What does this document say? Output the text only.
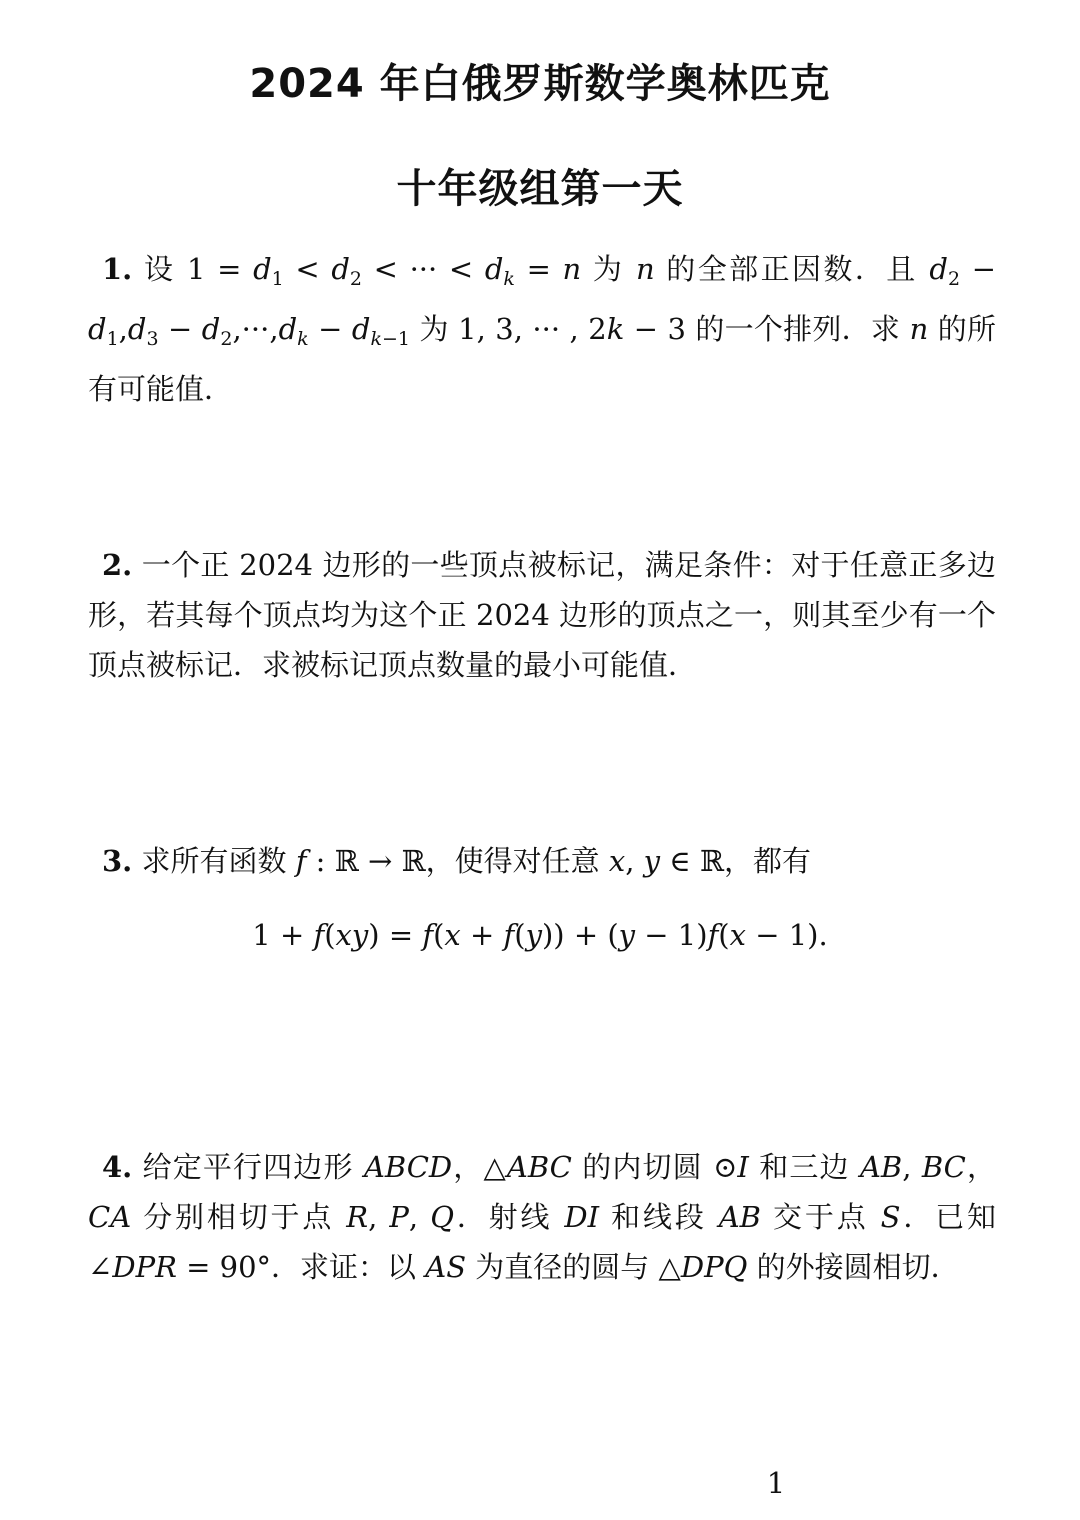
2024 年白俄罗斯数学奥林匹克
十年级组第一天

1. 设 $1 = d_1 < d_2$ < ··· < $d_k = n$ 为 n 的全部正因数．且 $d_2 - d_1,d_3 - d_2,\cdot\cdot\cdot,d_k - d_{k-1}$ 为 1, 3, ··· , 2k − 3 的一个排列．求 n 的所有可能值．

2. 一个正 2024 边形的一些顶点被标记，满足条件：对于任意正多边形，若其每个顶点均为这个正 2024 边形的顶点之一，则其至少有一个顶点被标记．求被标记顶点数量的最小可能值．

3. 求所有函数 f : ℝ → ℝ，使得对任意 x, y ∈ ℝ，都有

1 + f(xy) = f(x + f(y)) + (y − 1)f(x − 1).

4. 给定平行四边形 ABCD，△ABC 的内切圆 ⊙I 和三边 AB, BC，CA 分别相切于点 R, P, Q．射线 DI 和线段 AB 交于点 S．已知 ∠DPR = 90°．求证：以 AS 为直径的圆与 △DPQ 的外接圆相切．

1
